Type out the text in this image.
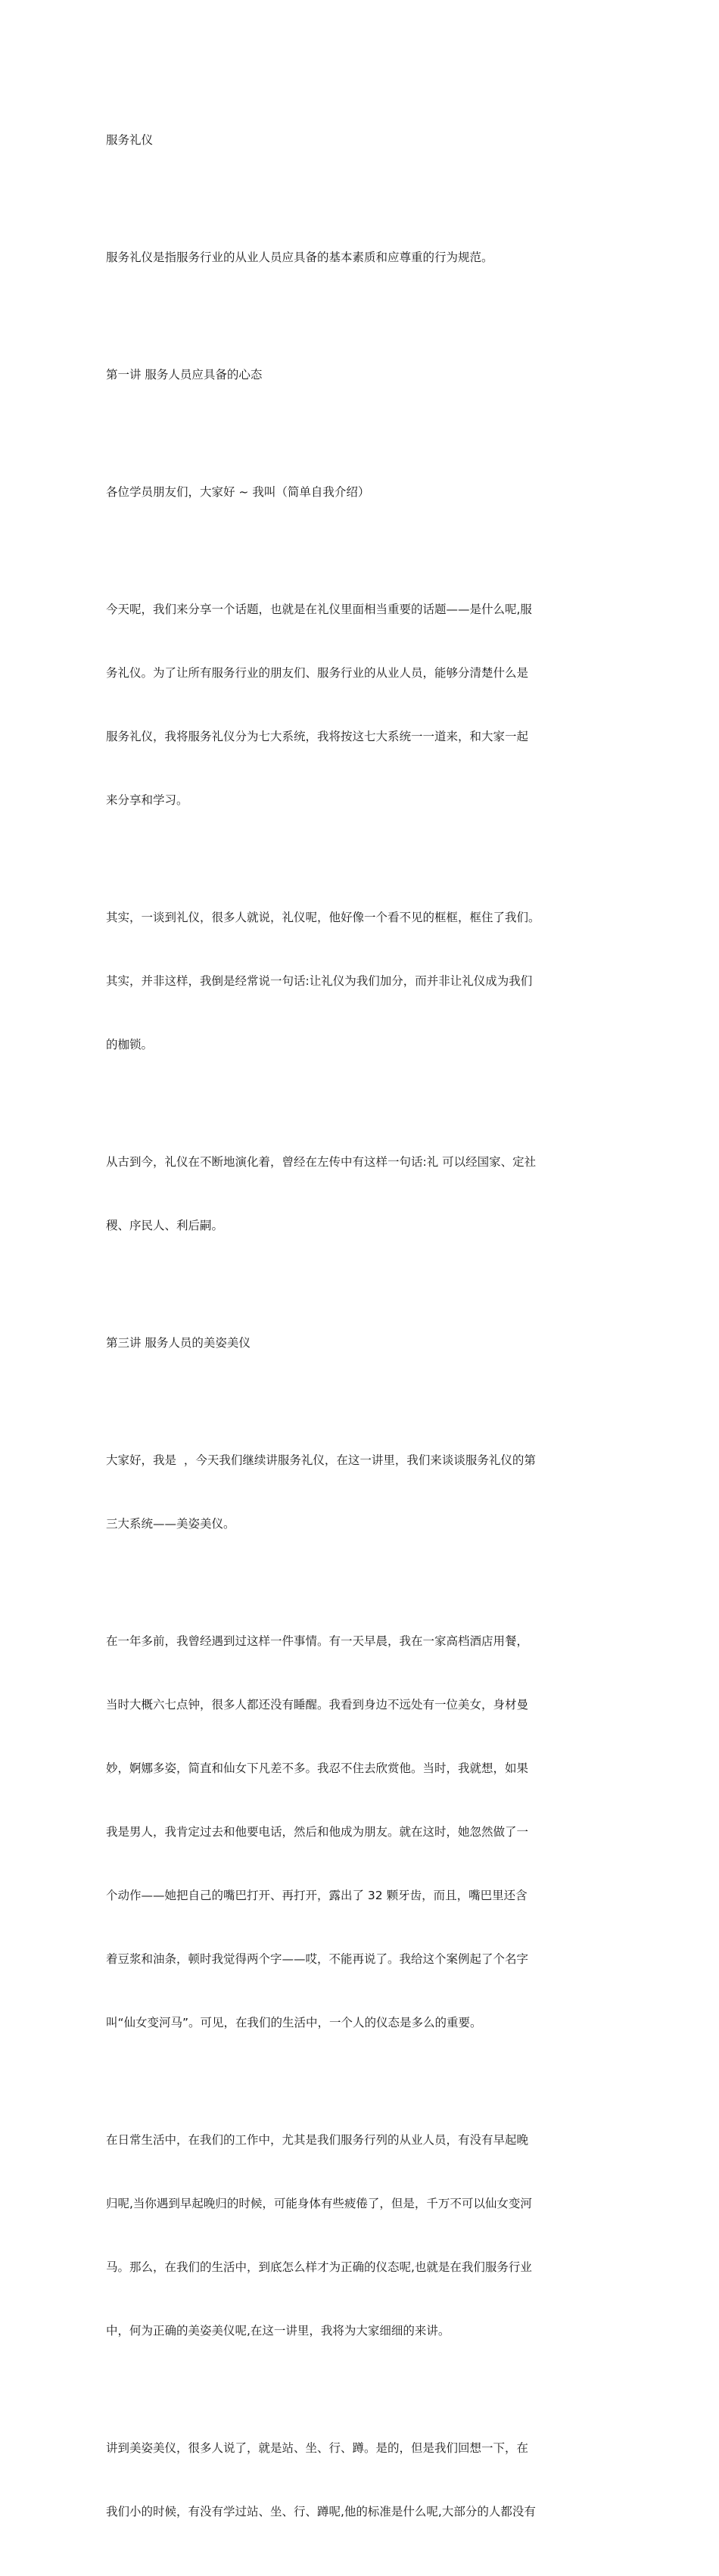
服务礼仪

服务礼仪是指服务行业的从业人员应具备的基本素质和应尊重的行为规范。

第一讲 服务人员应具备的心态

各位学员朋友们，大家好 ~ 我叫（简单自我介绍）

今天呢，我们来分享一个话题，也就是在礼仪里面相当重要的话题——是什么呢,服

务礼仪。为了让所有服务行业的朋友们、服务行业的从业人员，能够分清楚什么是

服务礼仪，我将服务礼仪分为七大系统，我将按这七大系统一一道来，和大家一起

来分享和学习。

其实，一谈到礼仪，很多人就说，礼仪呢，他好像一个看不见的框框，框住了我们。

其实，并非这样，我倒是经常说一句话:让礼仪为我们加分，而并非让礼仪成为我们

的枷锁。

从古到今，礼仪在不断地演化着，曾经在左传中有这样一句话:礼 可以经国家、定社

稷、序民人、利后嗣。

第三讲 服务人员的美姿美仪

大家好，我是  ，今天我们继续讲服务礼仪，在这一讲里，我们来谈谈服务礼仪的第

三大系统——美姿美仪。

在一年多前，我曾经遇到过这样一件事情。有一天早晨，我在一家高档酒店用餐，

当时大概六七点钟，很多人都还没有睡醒。我看到身边不远处有一位美女，身材曼

妙，婀娜多姿，简直和仙女下凡差不多。我忍不住去欣赏他。当时，我就想，如果

我是男人，我肯定过去和他要电话，然后和他成为朋友。就在这时，她忽然做了一

个动作——她把自己的嘴巴打开、再打开，露出了 32 颗牙齿，而且，嘴巴里还含

着豆浆和油条，顿时我觉得两个字——哎，不能再说了。我给这个案例起了个名字

叫“仙女变河马”。可见，在我们的生活中，一个人的仪态是多么的重要。

在日常生活中，在我们的工作中，尤其是我们服务行列的从业人员，有没有早起晚

归呢,当你遇到早起晚归的时候，可能身体有些疲倦了，但是，千万不可以仙女变河

马。那么，在我们的生活中，到底怎么样才为正确的仪态呢,也就是在我们服务行业

中，何为正确的美姿美仪呢,在这一讲里，我将为大家细细的来讲。

讲到美姿美仪，很多人说了，就是站、坐、行、蹲。是的，但是我们回想一下，在

我们小的时候，有没有学过站、坐、行、蹲呢,他的标准是什么呢,大部分的人都没有
